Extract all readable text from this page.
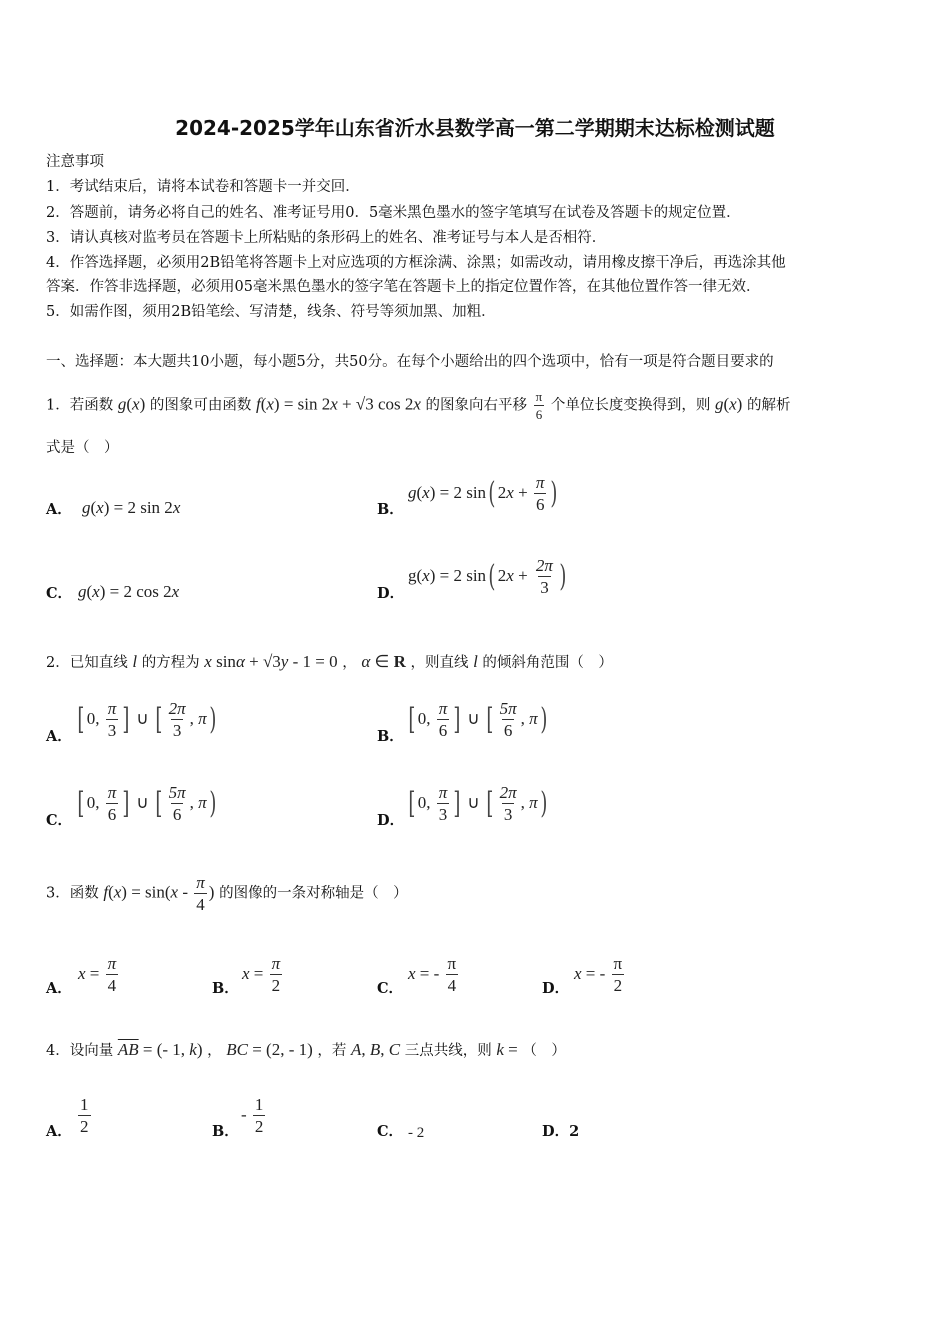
2024-2025学年山东省沂水县数学高一第二学期期末达标检测试题
注意事项
1．考试结束后，请将本试卷和答题卡一并交回．
2．答题前，请务必将自己的姓名、准考证号用0．5毫米黑色墨水的签字笔填写在试卷及答题卡的规定位置．
3．请认真核对监考员在答题卡上所粘贴的条形码上的姓名、准考证号与本人是否相符．
4．作答选择题，必须用2B铅笔将答题卡上对应选项的方框涂满、涂黑；如需改动，请用橡皮擦干净后，再选涂其他
答案．作答非选择题，必须用05毫米黑色墨水的签字笔在答题卡上的指定位置作答，在其他位置作答一律无效．
5．如需作图，须用2B铅笔绘、写清楚，线条、符号等须加黑、加粗．
一、选择题：本大题共10小题，每小题5分，共50分。在每个小题给出的四个选项中，恰有一项是符合题目要求的
1．若函数 g(x) 的图象可由函数 f(x) = sin 2x + √3 cos 2x 的图象向右平移 $\frac{\pi}{6}$ 个单位长度变换得到，则 g(x) 的解析
式是（　）
A． g(x) = 2 sin 2x	B．
g(x) = 2 sin( $2x + \frac{\pi}{6}$ )
C． g(x) = 2 cos 2x	D．
g(x) = 2 sin( $2x + \frac{2\pi}{3}$ )
2．已知直线 l 的方程为 x sinα + √3y - 1 = 0 ， α ∈ R ，则直线 l 的倾斜角范围（　）
A． [ 0, $\frac{\pi}{3}$ ] ∪ [ $\frac{2\pi}{3}$ , π)	B． [ 0, $\frac{\pi}{6}$ ] ∪ [ $\frac{5\pi}{6}$ , π)
C． [ 0, $\frac{\pi}{6}$ ] ∪ [ $\frac{5\pi}{6}$ , π)	D． [ 0, $\frac{\pi}{3}$ ] ∪ [ $\frac{2\pi}{3}$ , π)
3．函数 $f(x) = \sin(x - \frac{\pi}{4}$ ) 的图像的一条对称轴是（　）
A．
$x = \frac{\pi}{4}$	B．
$x = \frac{\pi}{2}$	C．
x = - $\frac{\pi}{4}$	D．
x = - $\frac{\pi}{2}$
4．设向量 $\overline{AB}$ = (- 1, k) ， BC = (2, - 1) ，若 A, B, C 三点共线，则 k = （　）
A． $\frac{1}{2}$	B．
- $\frac{1}{2}$	C． - 2	D．2
